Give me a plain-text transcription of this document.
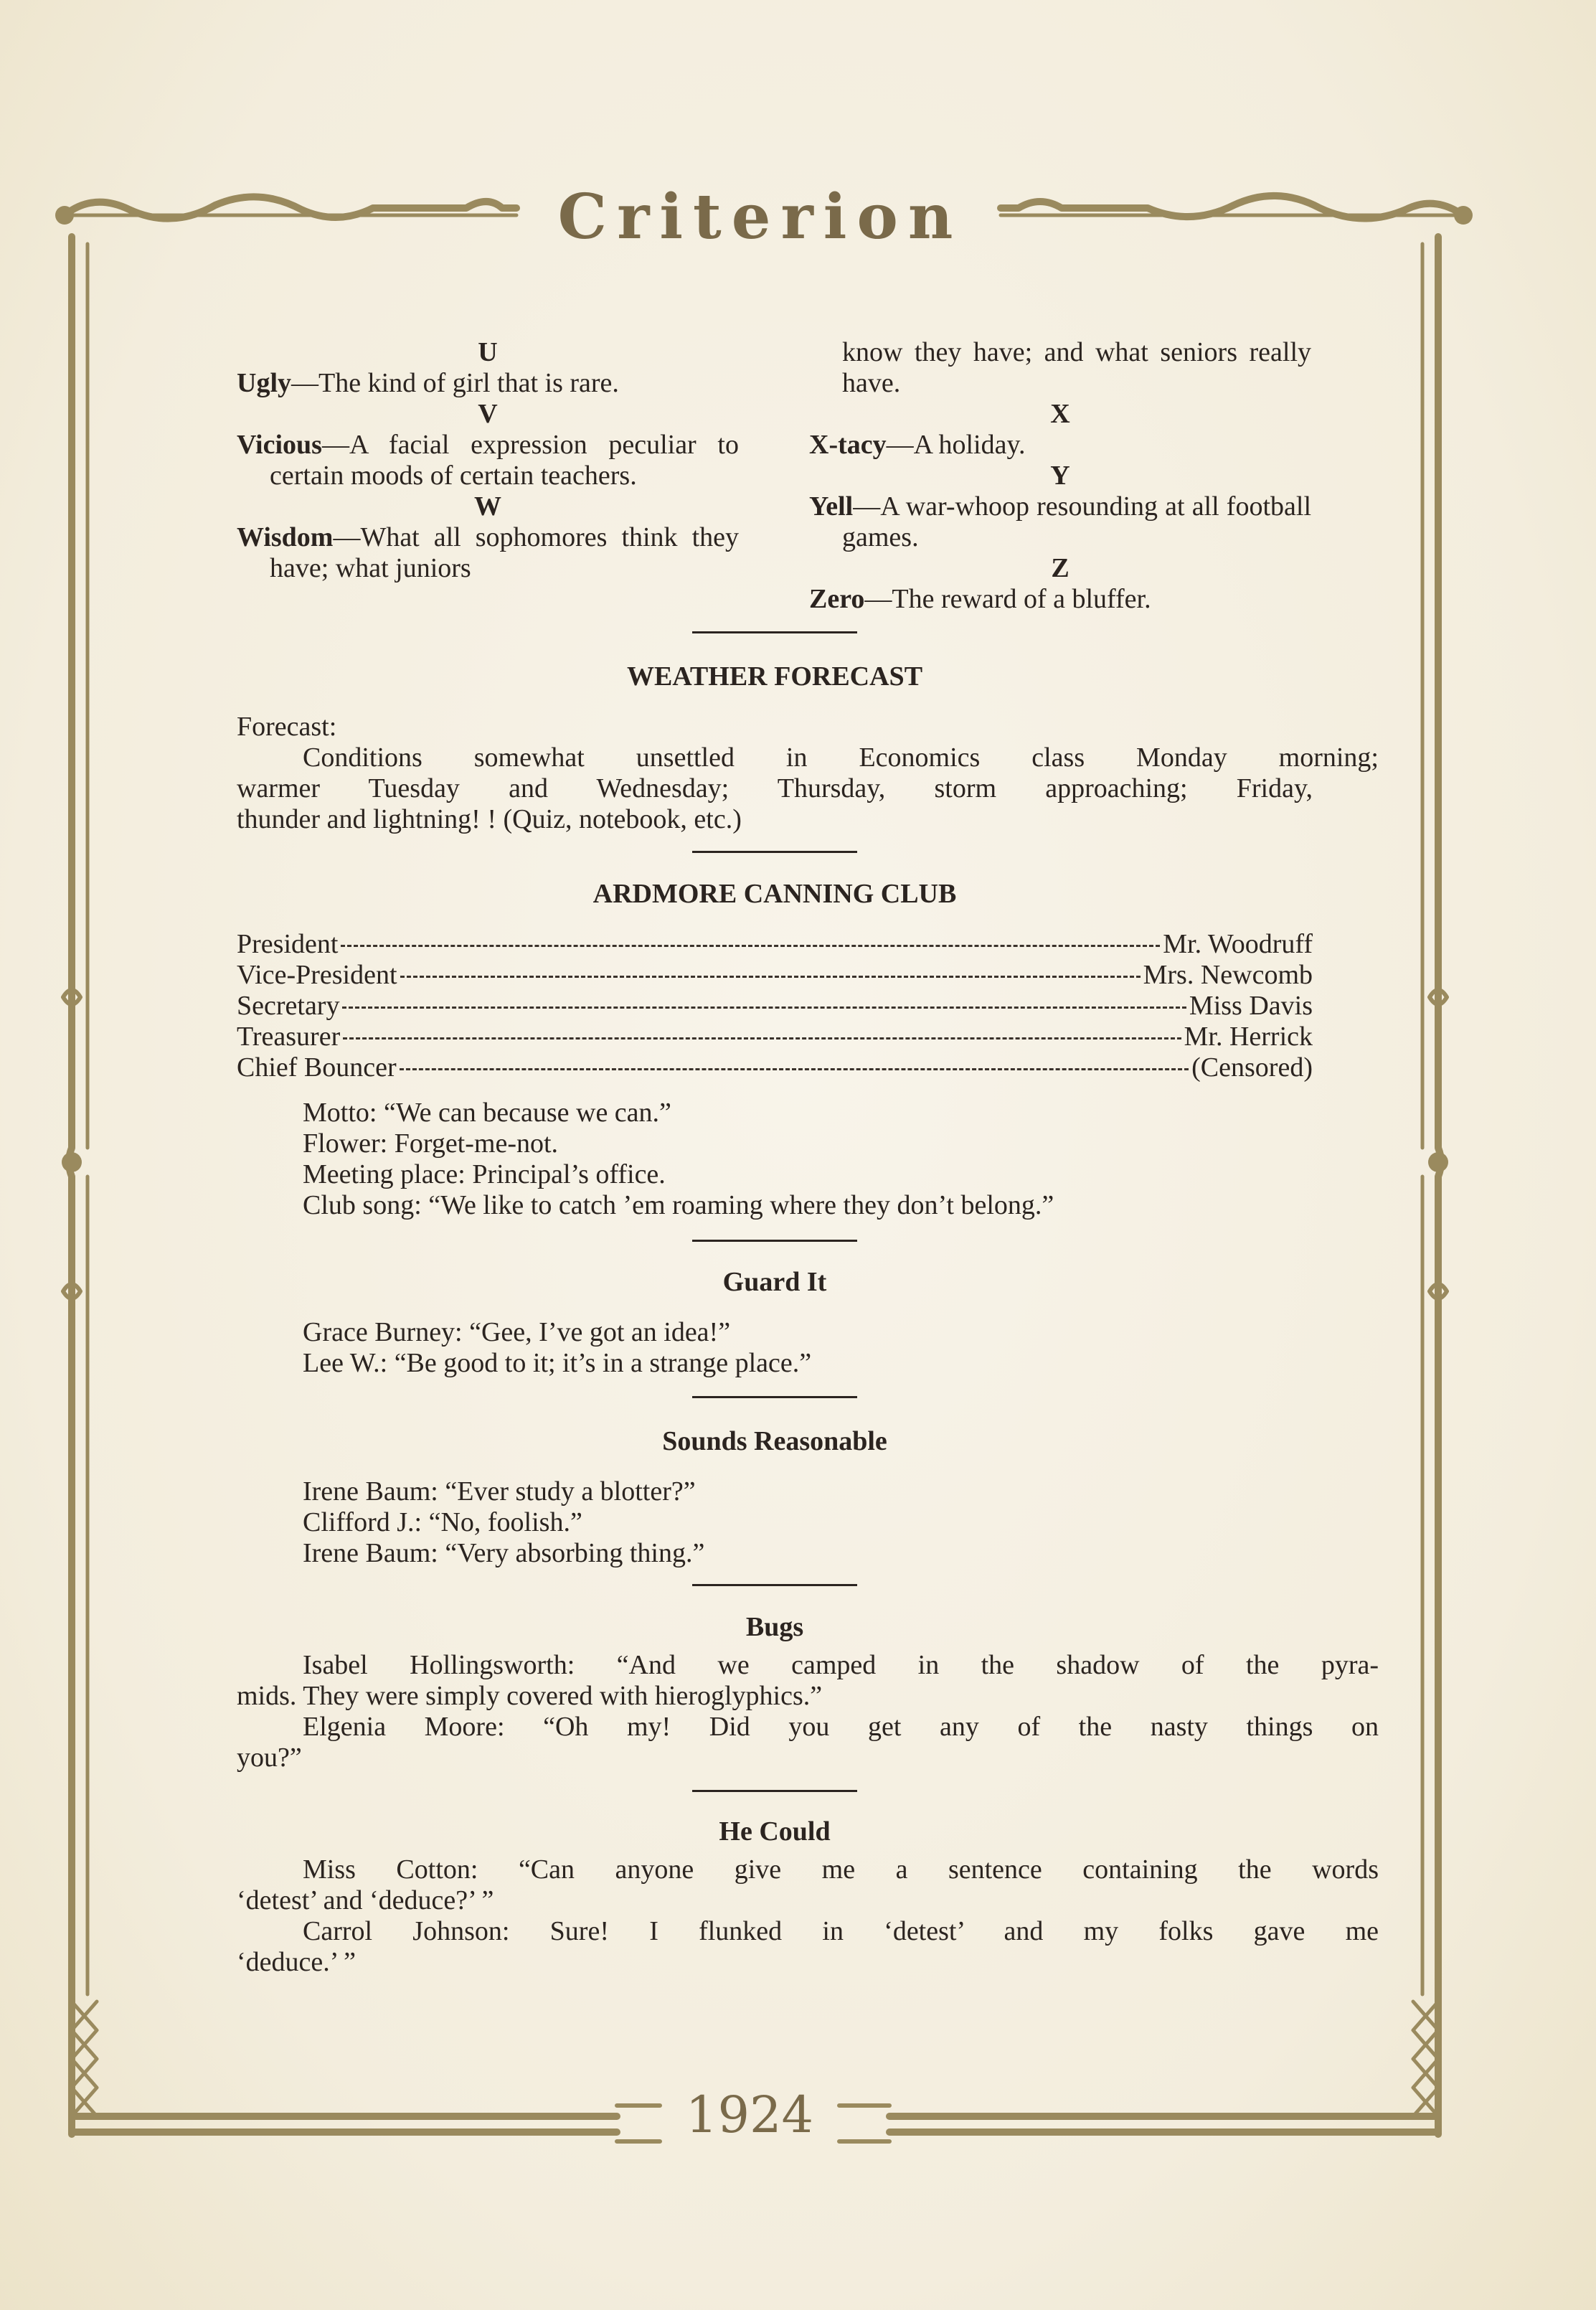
Criterion
1924
U
Ugly—The kind of girl that is rare.
V
Vicious—A facial expression peculiar to certain moods of certain teachers.
W
Wisdom—What all sophomores think they have; what juniors
know they have; and what seniors really have.
X
X-tacy—A holiday.
Y
Yell—A war-whoop resounding at all football games.
Z
Zero—The reward of a bluffer.
WEATHER FORECAST
Forecast:
Conditions somewhat unsettled in Economics class Monday morning;
warmer Tuesday and Wednesday; Thursday, storm approaching; Friday,
thunder and lightning! ! (Quiz, notebook, etc.)
ARDMORE CANNING CLUB
President	Mr. Woodruff
Vice-President	Mrs. Newcomb
Secretary	Miss Davis
Treasurer	Mr. Herrick
Chief Bouncer	(Censored)
Motto: “We can because we can.”
Flower: Forget-me-not.
Meeting place: Principal’s office.
Club song: “We like to catch ’em roaming where they don’t belong.”
Guard It
Grace Burney: “Gee, I’ve got an idea!”
Lee W.: “Be good to it; it’s in a strange place.”
Sounds Reasonable
Irene Baum: “Ever study a blotter?”
Clifford J.: “No, foolish.”
Irene Baum: “Very absorbing thing.”
Bugs
Isabel Hollingsworth: “And we camped in the shadow of the pyra-
mids. They were simply covered with hieroglyphics.”
Elgenia Moore: “Oh my! Did you get any of the nasty things on
you?”
He Could
Miss Cotton: “Can anyone give me a sentence containing the words
‘detest’ and ‘deduce?’ ”
Carrol Johnson: Sure! I flunked in ‘detest’ and my folks gave me
‘deduce.’ ”
